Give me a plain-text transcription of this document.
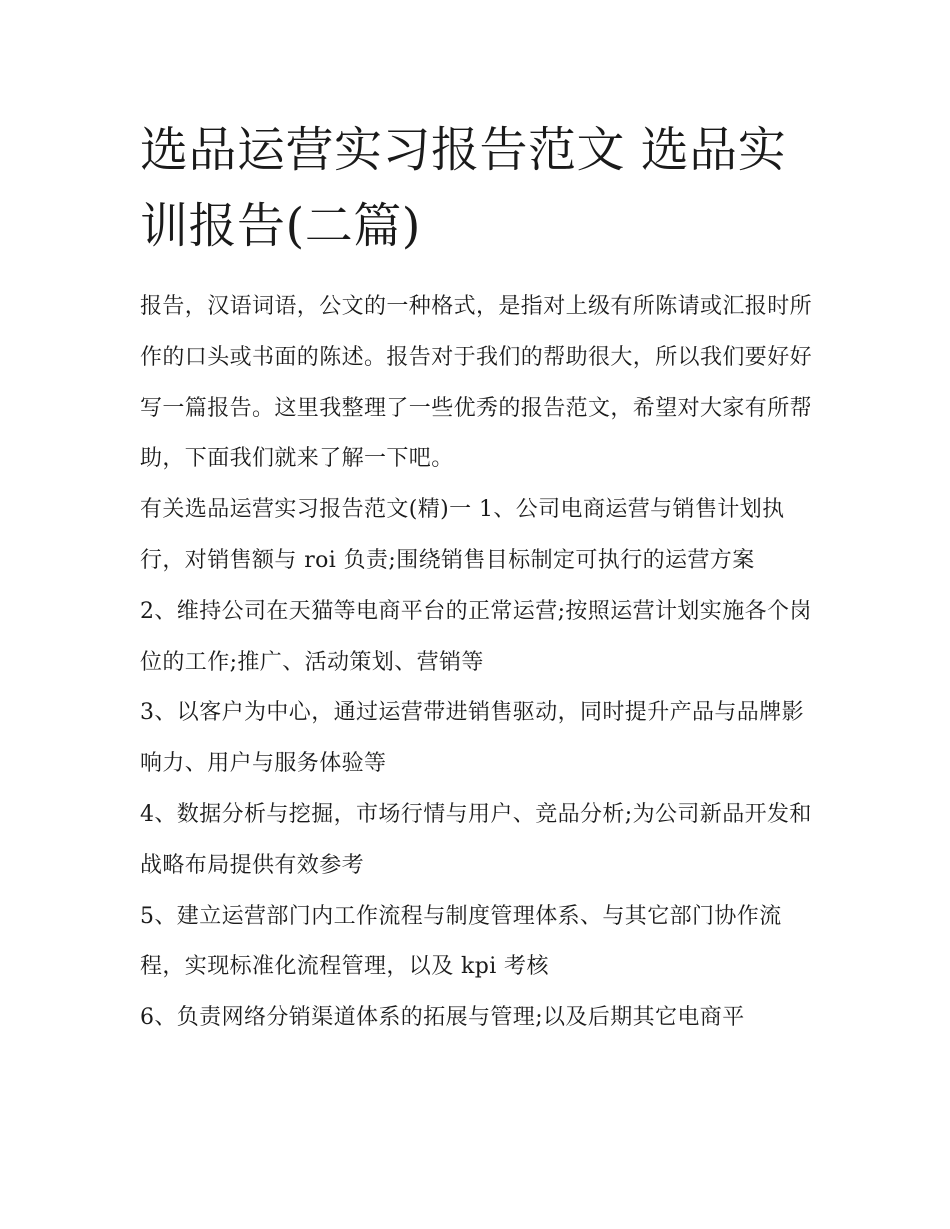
选品运营实习报告范文 选品实训报告(二篇)

报告，汉语词语，公文的一种格式，是指对上级有所陈请或汇报时所作的口头或书面的陈述。报告对于我们的帮助很大，所以我们要好好写一篇报告。这里我整理了一些优秀的报告范文，希望对大家有所帮助，下面我们就来了解一下吧。

有关选品运营实习报告范文(精)一 1、公司电商运营与销售计划执行，对销售额与 roi 负责;围绕销售目标制定可执行的运营方案

2、维持公司在天猫等电商平台的正常运营;按照运营计划实施各个岗位的工作;推广、活动策划、营销等

3、以客户为中心，通过运营带进销售驱动，同时提升产品与品牌影响力、用户与服务体验等

4、数据分析与挖掘，市场行情与用户、竞品分析;为公司新品开发和战略布局提供有效参考

5、建立运营部门内工作流程与制度管理体系、与其它部门协作流程，实现标准化流程管理，以及 kpi 考核

6、负责网络分销渠道体系的拓展与管理;以及后期其它电商平
